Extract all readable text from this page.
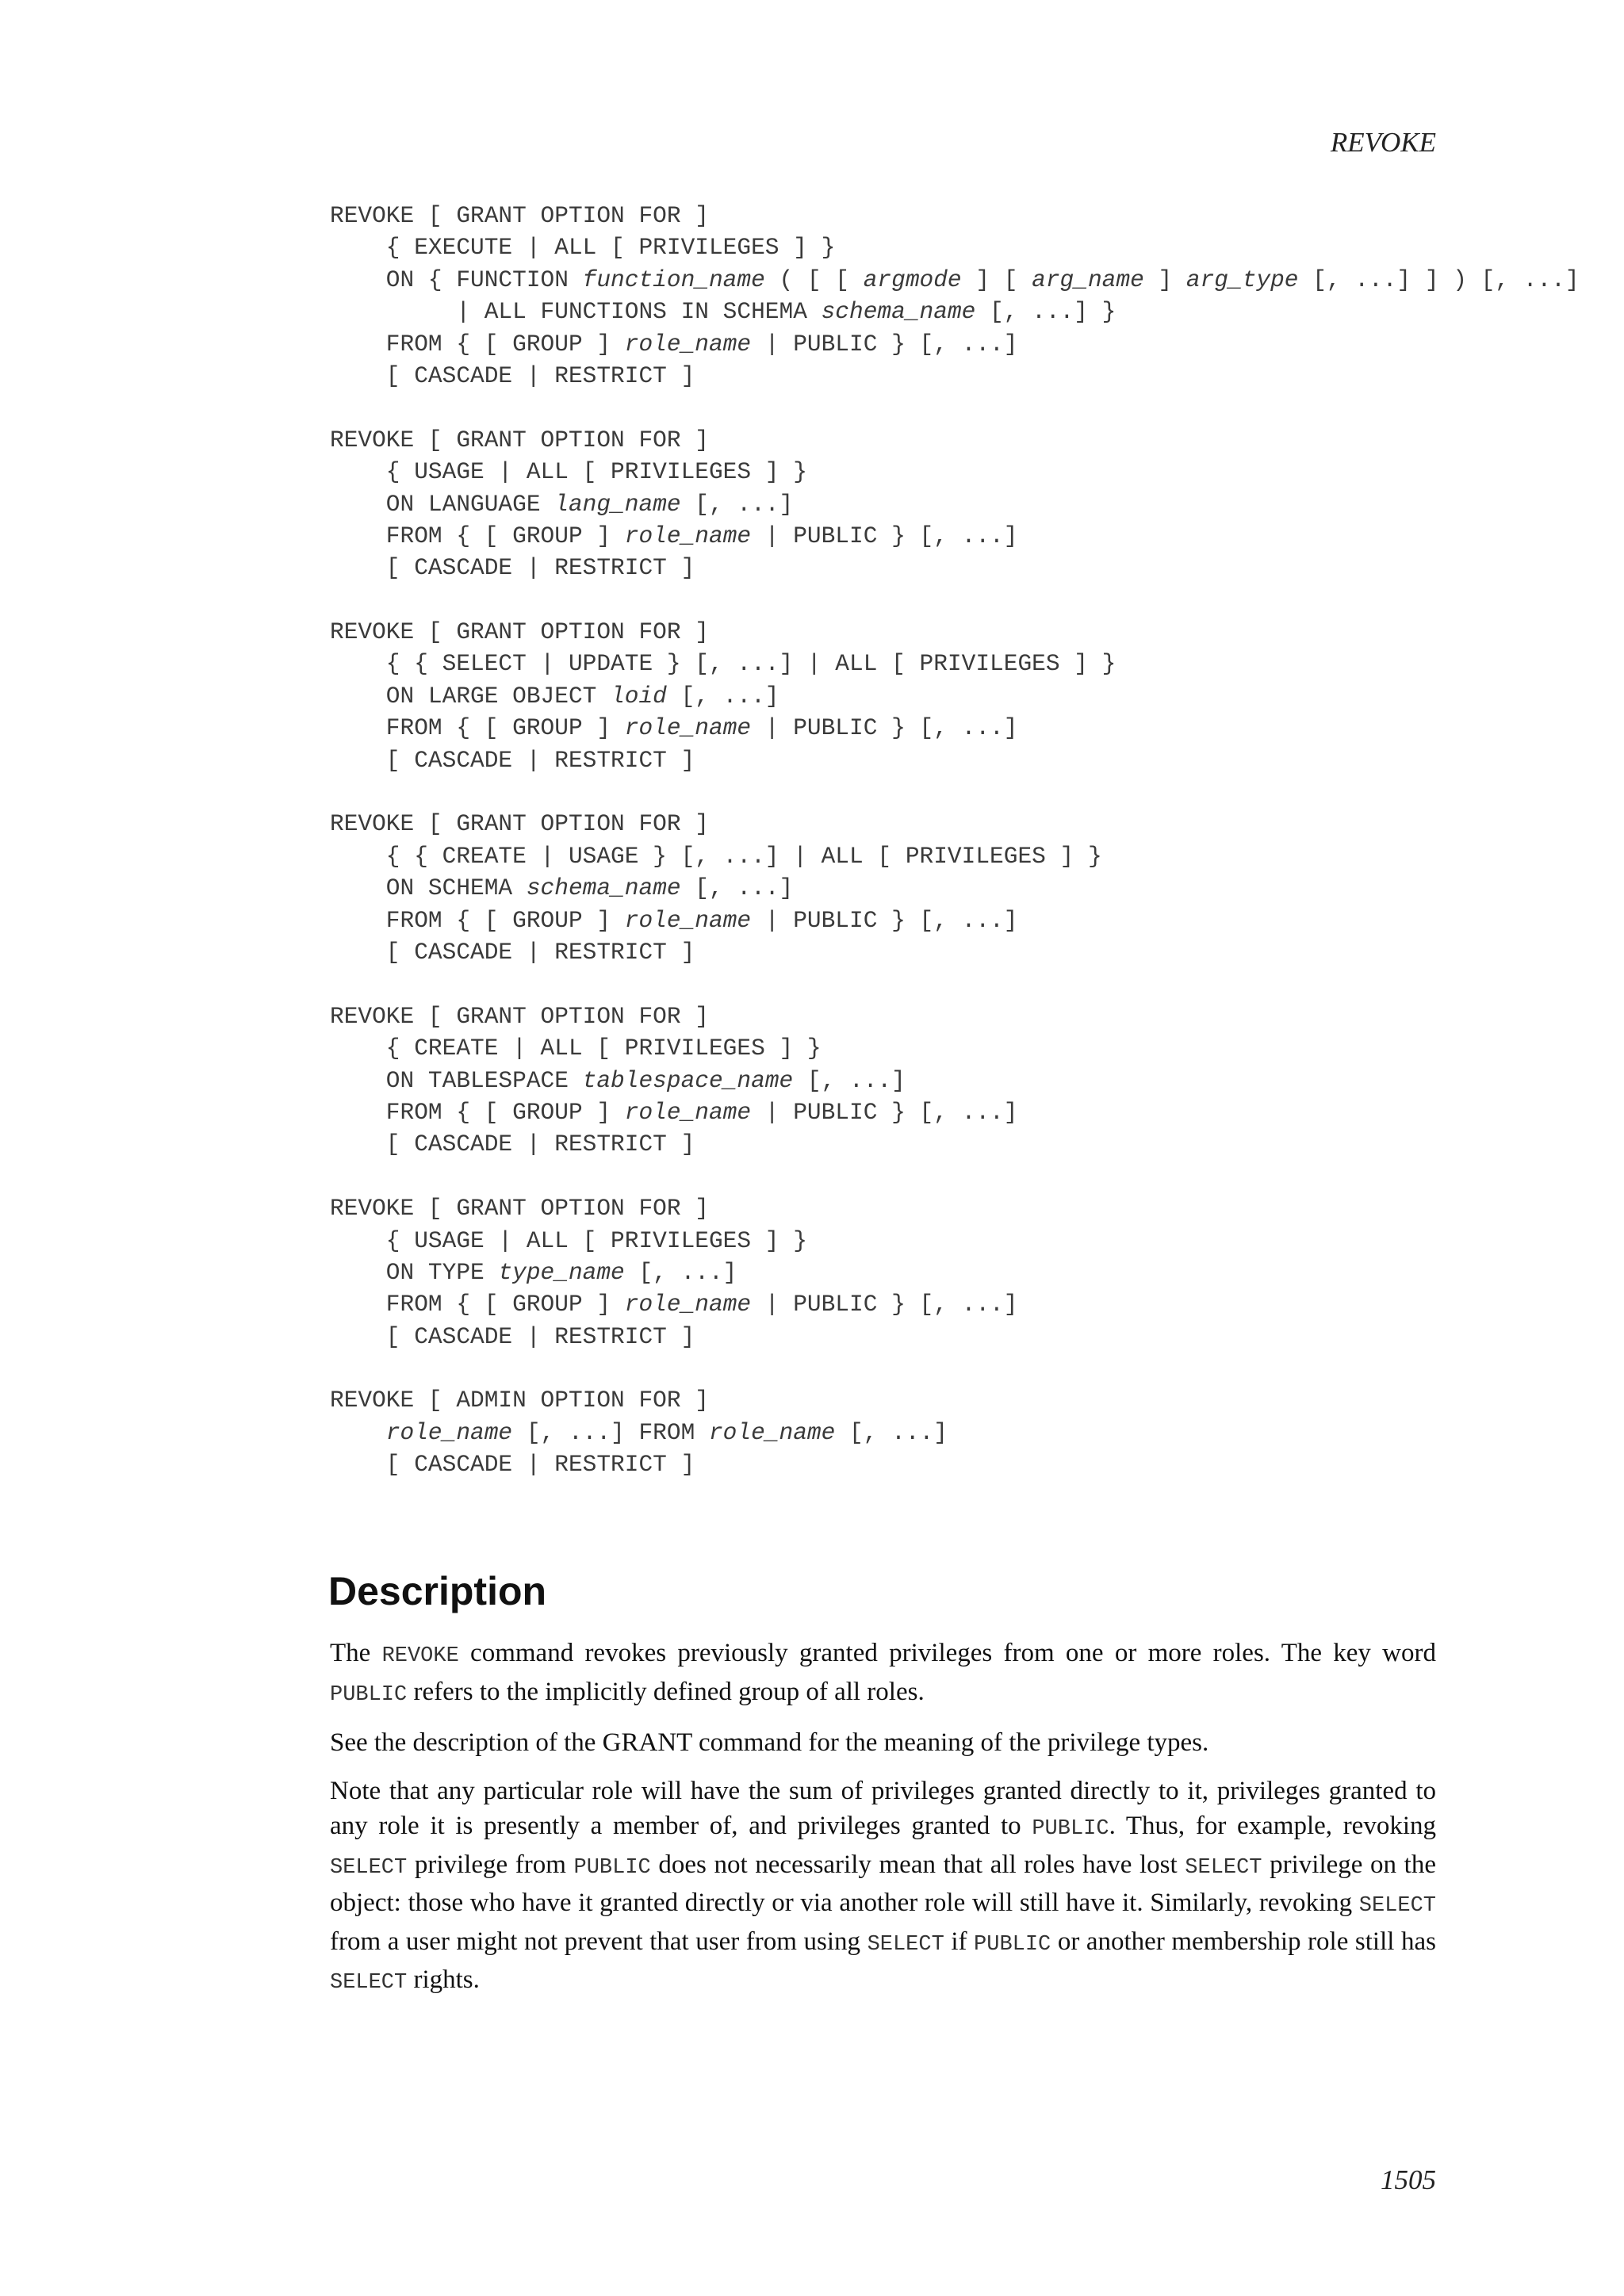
REVOKE
REVOKE [ GRANT OPTION FOR ]
{ EXECUTE | ALL [ PRIVILEGES ] }
ON { FUNCTION function_name ( [ [ argmode ] [ arg_name ] arg_type [, ...] ] ) [, ...]
| ALL FUNCTIONS IN SCHEMA schema_name [, ...] }
FROM { [ GROUP ] role_name | PUBLIC } [, ...]
[ CASCADE | RESTRICT ]
REVOKE [ GRANT OPTION FOR ]
{ USAGE | ALL [ PRIVILEGES ] }
ON LANGUAGE lang_name [, ...]
FROM { [ GROUP ] role_name | PUBLIC } [, ...]
[ CASCADE | RESTRICT ]
REVOKE [ GRANT OPTION FOR ]
{ { SELECT | UPDATE } [, ...] | ALL [ PRIVILEGES ] }
ON LARGE OBJECT loid [, ...]
FROM { [ GROUP ] role_name | PUBLIC } [, ...]
[ CASCADE | RESTRICT ]
REVOKE [ GRANT OPTION FOR ]
{ { CREATE | USAGE } [, ...] | ALL [ PRIVILEGES ] }
ON SCHEMA schema_name [, ...]
FROM { [ GROUP ] role_name | PUBLIC } [, ...]
[ CASCADE | RESTRICT ]
REVOKE [ GRANT OPTION FOR ]
{ CREATE | ALL [ PRIVILEGES ] }
ON TABLESPACE tablespace_name [, ...]
FROM { [ GROUP ] role_name | PUBLIC } [, ...]
[ CASCADE | RESTRICT ]
REVOKE [ GRANT OPTION FOR ]
{ USAGE | ALL [ PRIVILEGES ] }
ON TYPE type_name [, ...]
FROM { [ GROUP ] role_name | PUBLIC } [, ...]
[ CASCADE | RESTRICT ]
REVOKE [ ADMIN OPTION FOR ]
role_name [, ...] FROM role_name [, ...]
[ CASCADE | RESTRICT ]
Description

The REVOKE command revokes previously granted privileges from one or more roles. The key word PUBLIC refers to the implicitly defined group of all roles.

See the description of the GRANT command for the meaning of the privilege types.

Note that any particular role will have the sum of privileges granted directly to it, privileges granted to any role it is presently a member of, and privileges granted to PUBLIC. Thus, for example, revoking SELECT privilege from PUBLIC does not necessarily mean that all roles have lost SELECT privilege on the object: those who have it granted directly or via another role will still have it. Similarly, revoking SELECT from a user might not prevent that user from using SELECT if PUBLIC or another membership role still has SELECT rights.

1505
